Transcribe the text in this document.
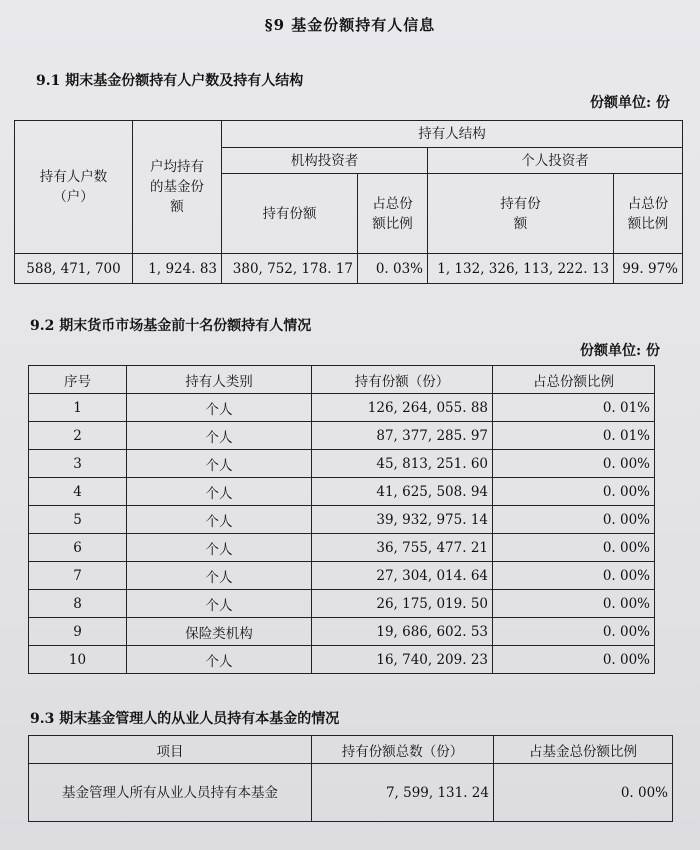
§9 基金份额持有人信息
9.1 期末基金份额持有人户数及持有人结构
份额单位: 份
持有人户数（户）	户均持有的基金份额	持有人结构			
		机构投资者		个人投资者	
		持有份额	占总份额比例	持有份额	占总份额比例
588, 471, 700	1, 924. 83	380, 752, 178. 17	0. 03%	1, 132, 326, 113, 222. 13	99. 97%
9.2 期末货币市场基金前十名份额持有人情况
份额单位: 份
序号	持有人类别	持有份额（份）	占总份额比例
1	个人	126, 264, 055. 88	0. 01%
2	个人	87, 377, 285. 97	0. 01%
3	个人	45, 813, 251. 60	0. 00%
4	个人	41, 625, 508. 94	0. 00%
5	个人	39, 932, 975. 14	0. 00%
6	个人	36, 755, 477. 21	0. 00%
7	个人	27, 304, 014. 64	0. 00%
8	个人	26, 175, 019. 50	0. 00%
9	保险类机构	19, 686, 602. 53	0. 00%
10	个人	16, 740, 209. 23	0. 00%
9.3 期末基金管理人的从业人员持有本基金的情况
项目	持有份额总数（份）	占基金总份额比例
基金管理人所有从业人员持有本基金	7, 599, 131. 24	0. 00%
